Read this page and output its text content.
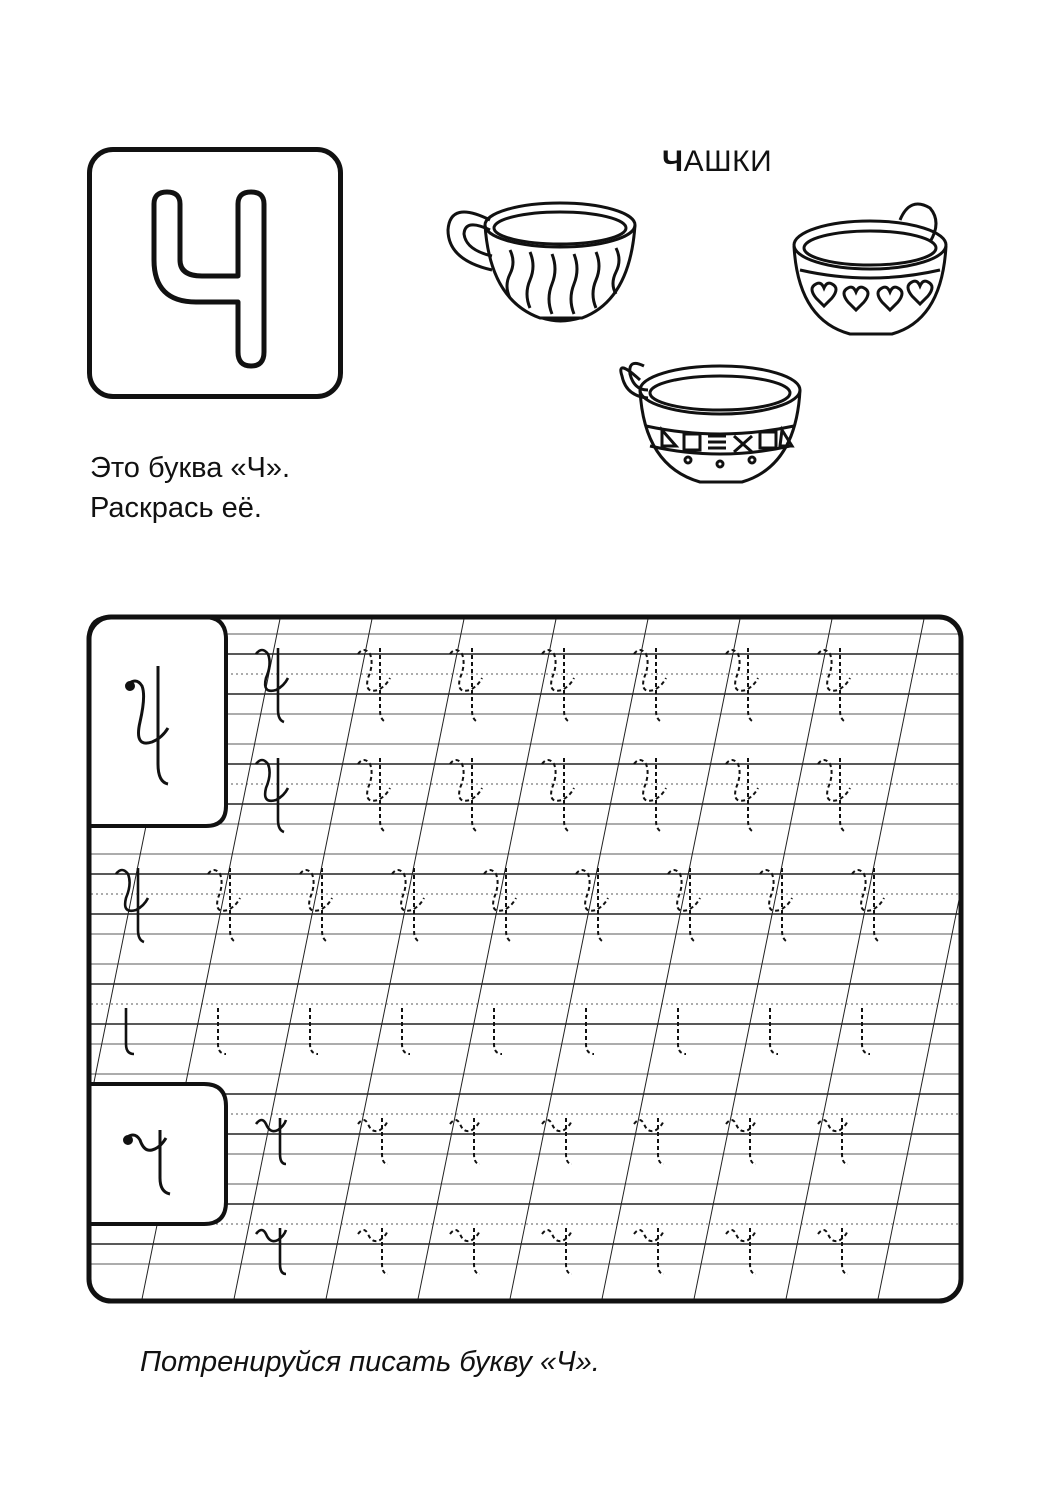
ЧАШКИ
Это буква «Ч».
Раскрась её.
Потренируйся писать букву «Ч».
